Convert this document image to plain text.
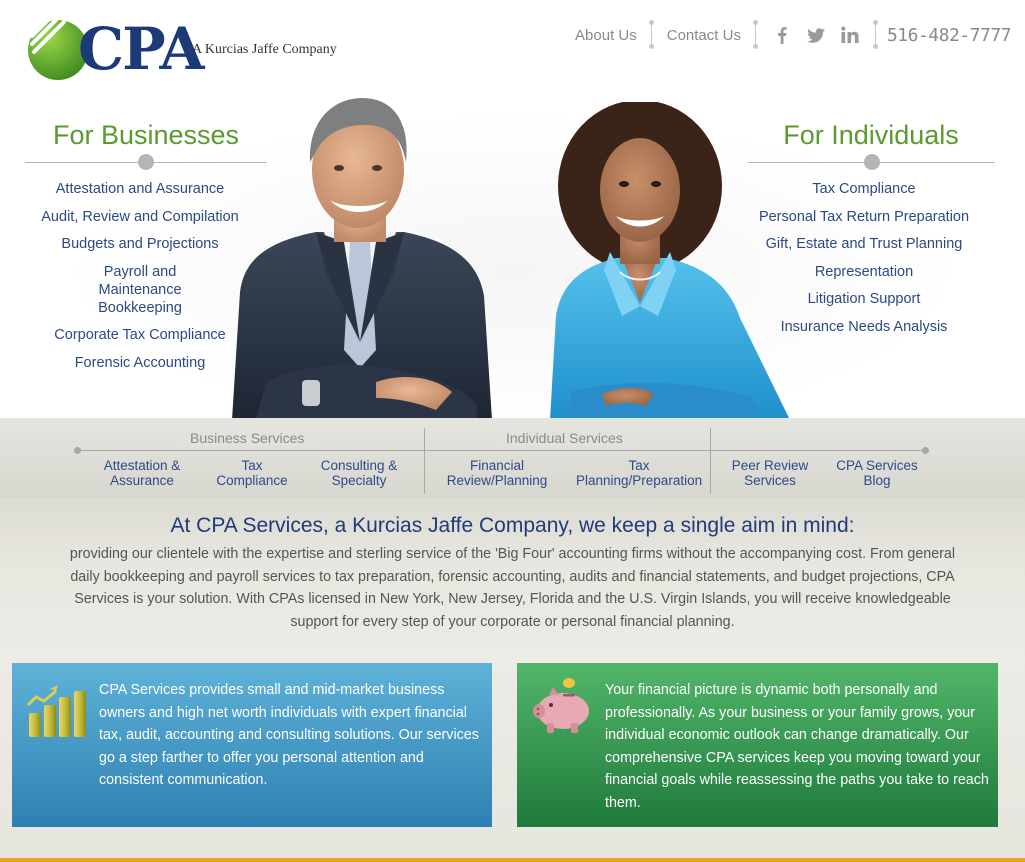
CPA
A Kurcias Jaffe Company
About Us	Contact Us	516-482-7777
For Businesses
Attestation and Assurance
Audit, Review and Compilation
Budgets and Projections
Payroll and Maintenance Bookkeeping
Corporate Tax Compliance
Forensic Accounting
For Individuals
Tax Compliance
Personal Tax Return Preparation
Gift, Estate and Trust Planning
Representation
Litigation Support
Insurance Needs Analysis
Business Services	Individual Services
Attestation &
Assurance
Tax
Compliance
Consulting &
Specialty
Financial
Review/Planning
Tax
Planning/Preparation
Peer Review
Services
CPA Services
Blog
At CPA Services, a Kurcias Jaffe Company, we keep a single aim in mind:

providing our clientele with the expertise and sterling service of the 'Big Four' accounting firms without the accompanying cost. From general daily bookkeeping and payroll services to tax preparation, forensic accounting, audits and financial statements, and budget projections, CPA Services is your solution. With CPAs licensed in New York, New Jersey, Florida and the U.S. Virgin Islands, you will receive knowledgeable support for every step of your corporate or personal financial planning.

CPA Services provides small and mid-market business owners and high net worth individuals with expert financial tax, audit, accounting and consulting solutions. Our services go a step farther to offer you personal attention and consistent communication.

Your financial picture is dynamic both personally and professionally. As your business or your family grows, your individual economic outlook can change dramatically. Our comprehensive CPA services keep you moving toward your financial goals while reassessing the paths you take to reach them.
